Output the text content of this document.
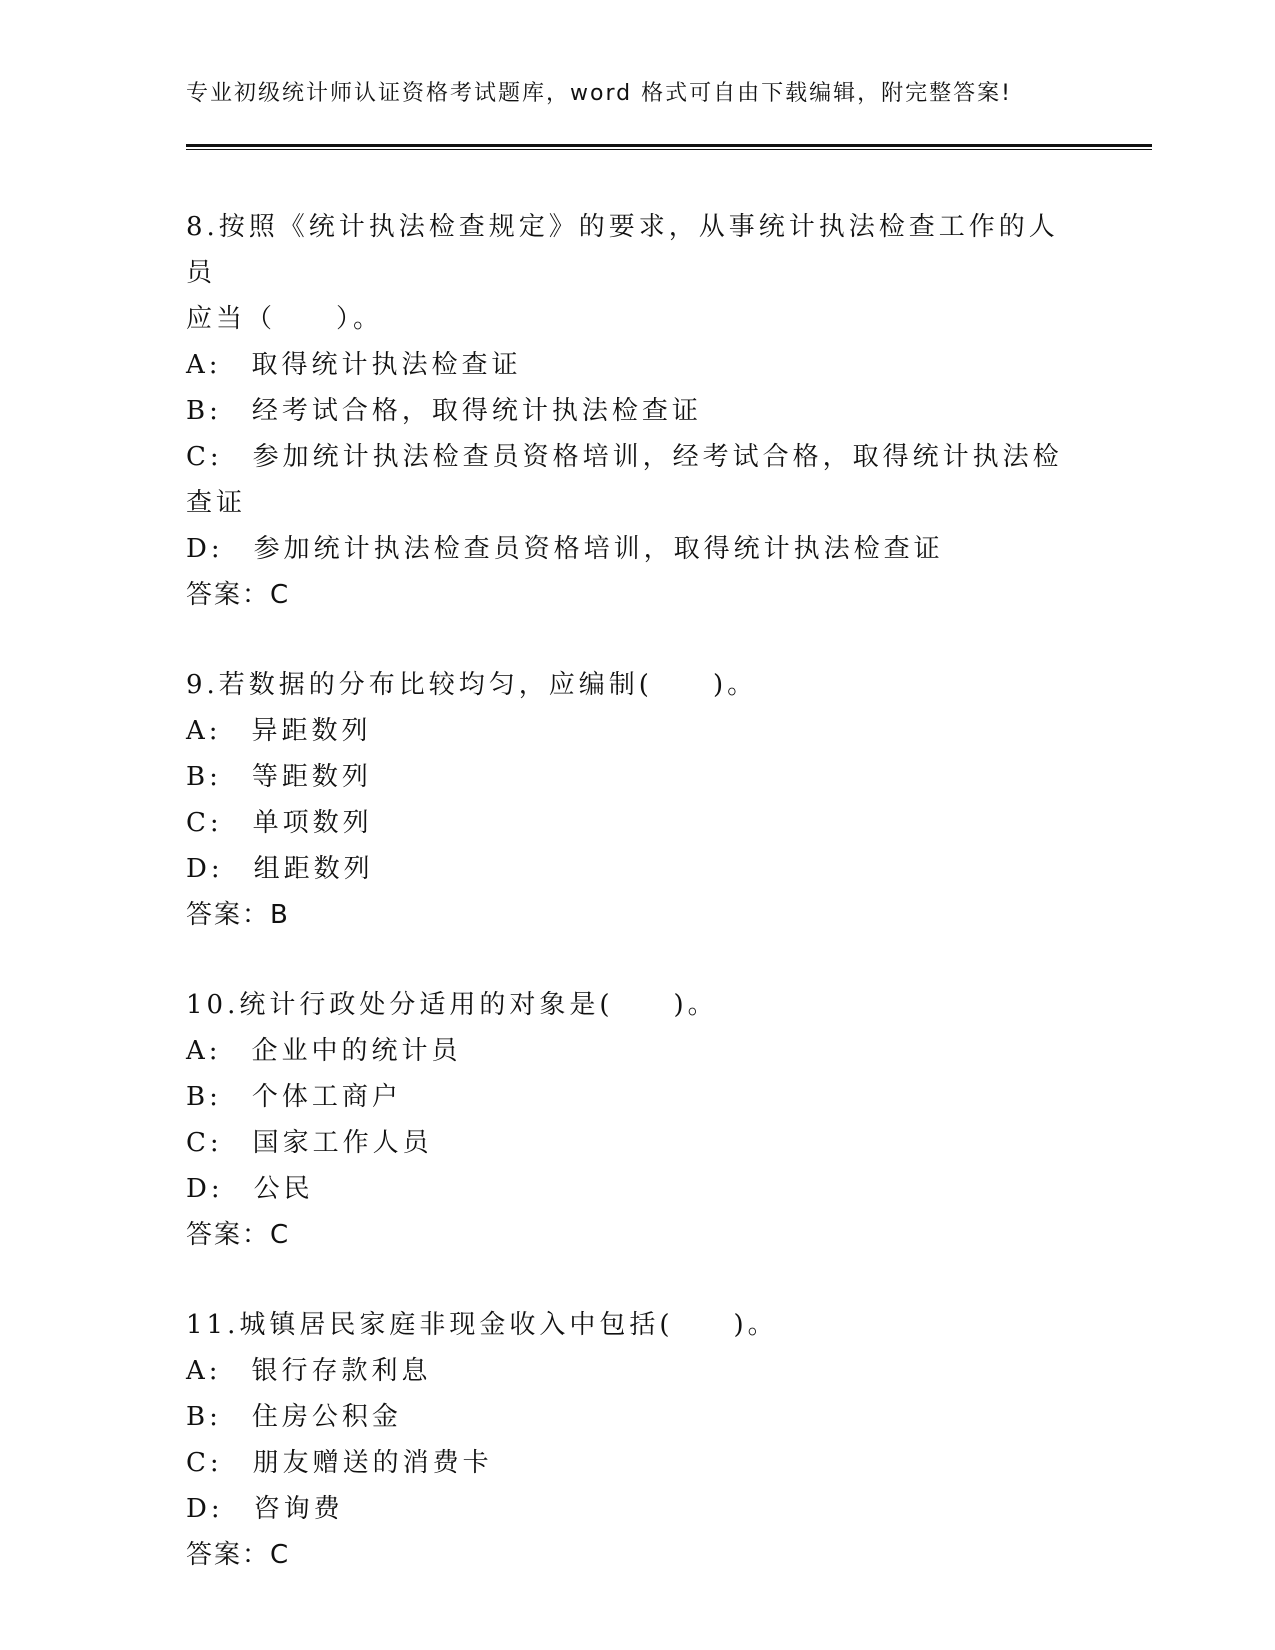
专业初级统计师认证资格考试题库，word 格式可自由下载编辑，附完整答案!

8.按照《统计执法检查规定》的要求，从事统计执法检查工作的人员
应当（　　）。

A:　取得统计执法检查证

B:　经考试合格，取得统计执法检查证

C:　参加统计执法检查员资格培训，经考试合格，取得统计执法检查证

D:　参加统计执法检查员资格培训，取得统计执法检查证

答案：C

9.若数据的分布比较均匀，应编制(　　)。

A:　异距数列

B:　等距数列

C:　单项数列

D:　组距数列

答案：B

10.统计行政处分适用的对象是(　　)。

A:　企业中的统计员

B:　个体工商户

C:　国家工作人员

D:　公民

答案：C

11.城镇居民家庭非现金收入中包括(　　)。

A:　银行存款利息

B:　住房公积金

C:　朋友赠送的消费卡

D:　咨询费

答案：C
